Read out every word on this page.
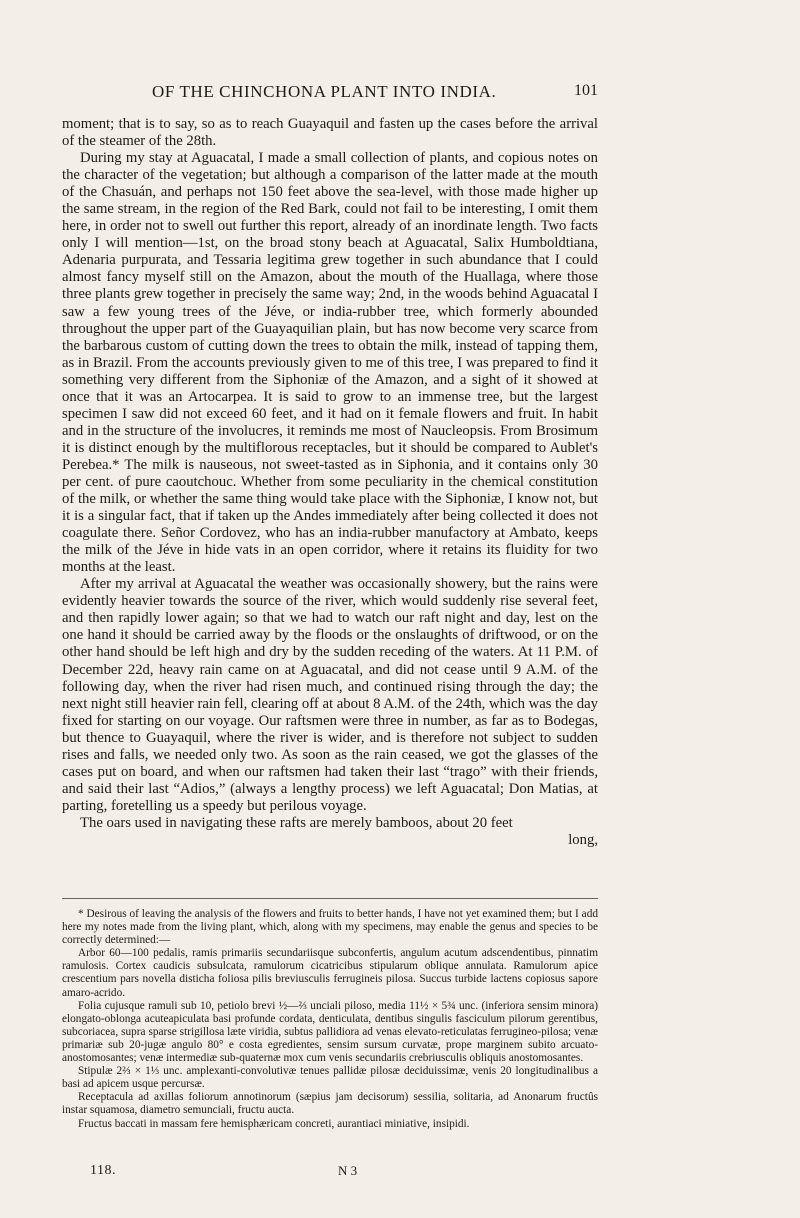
OF THE CHINCHONA PLANT INTO INDIA.	101

moment; that is to say, so as to reach Guayaquil and fasten up the cases before the arrival of the steamer of the 28th.

During my stay at Aguacatal, I made a small collection of plants, and copious notes on the character of the vegetation; but although a comparison of the latter made at the mouth of the Chasuán, and perhaps not 150 feet above the sea-level, with those made higher up the same stream, in the region of the Red Bark, could not fail to be interesting, I omit them here, in order not to swell out further this report, already of an inordinate length. Two facts only I will mention—1st, on the broad stony beach at Aguacatal, Salix Humboldtiana, Adenaria purpurata, and Tessaria legitima grew together in such abundance that I could almost fancy myself still on the Amazon, about the mouth of the Huallaga, where those three plants grew together in precisely the same way; 2nd, in the woods behind Aguacatal I saw a few young trees of the Jéve, or india-rubber tree, which formerly abounded throughout the upper part of the Guayaquilian plain, but has now become very scarce from the barbarous custom of cutting down the trees to obtain the milk, instead of tapping them, as in Brazil. From the accounts previously given to me of this tree, I was prepared to find it something very different from the Siphoniæ of the Amazon, and a sight of it showed at once that it was an Artocarpea. It is said to grow to an immense tree, but the largest specimen I saw did not exceed 60 feet, and it had on it female flowers and fruit. In habit and in the structure of the involucres, it reminds me most of Naucleopsis. From Brosimum it is distinct enough by the multiflorous receptacles, but it should be compared to Aublet's Perebea.* The milk is nauseous, not sweet-tasted as in Siphonia, and it contains only 30 per cent. of pure caoutchouc. Whether from some peculiarity in the chemical constitution of the milk, or whether the same thing would take place with the Siphoniæ, I know not, but it is a singular fact, that if taken up the Andes immediately after being collected it does not coagulate there. Señor Cordovez, who has an india-rubber manufactory at Ambato, keeps the milk of the Jéve in hide vats in an open corridor, where it retains its fluidity for two months at the least.

After my arrival at Aguacatal the weather was occasionally showery, but the rains were evidently heavier towards the source of the river, which would suddenly rise several feet, and then rapidly lower again; so that we had to watch our raft night and day, lest on the one hand it should be carried away by the floods or the onslaughts of driftwood, or on the other hand should be left high and dry by the sudden receding of the waters. At 11 P.M. of December 22d, heavy rain came on at Aguacatal, and did not cease until 9 A.M. of the following day, when the river had risen much, and continued rising through the day; the next night still heavier rain fell, clearing off at about 8 A.M. of the 24th, which was the day fixed for starting on our voyage. Our raftsmen were three in number, as far as to Bodegas, but thence to Guayaquil, where the river is wider, and is therefore not subject to sudden rises and falls, we needed only two. As soon as the rain ceased, we got the glasses of the cases put on board, and when our raftsmen had taken their last “trago” with their friends, and said their last “Adios,” (always a lengthy process) we left Aguacatal; Don Matias, at parting, foretelling us a speedy but perilous voyage.

The oars used in navigating these rafts are merely bamboos, about 20 feet

long,

* Desirous of leaving the analysis of the flowers and fruits to better hands, I have not yet examined them; but I add here my notes made from the living plant, which, along with my specimens, may enable the genus and species to be correctly determined:—

Arbor 60—100 pedalis, ramis primariis secundariisque subconfertis, angulum acutum adscendentibus, pinnatim ramulosis. Cortex caudicis subsulcata, ramulorum cicatricibus stipularum oblique annulata. Ramulorum apice crescentium pars novella disticha foliosa pilis breviusculis ferrugineis pilosa. Succus turbide lactens copiosus sapore amaro-acrido.

Folia cujusque ramuli sub 10, petiolo brevi ½—⅔ unciali piloso, media 11½ × 5¾ unc. (inferiora sensim minora) elongato-oblonga acuteapiculata basi profunde cordata, denticulata, dentibus singulis fasciculum pilorum gerentibus, subcoriacea, supra sparse strigillosa læte viridia, subtus pallidiora ad venas elevato-reticulatas ferrugineo-pilosa; venæ primariæ sub 20-jugæ angulo 80° e costa egredientes, sensim sursum curvatæ, prope marginem subito arcuato-anostomosantes; venæ intermediæ sub-quaternæ mox cum venis secundariis crebriusculis obliquis anostomosantes.

Stipulæ 2⅔ × 1⅓ unc. amplexanti-convolutivæ tenues pallidæ pilosæ deciduissimæ, venis 20 longitudinalibus a basi ad apicem usque percursæ.

Receptacula ad axillas foliorum annotinorum (sæpius jam decisorum) sessilia, solitaria, ad Anonarum fructûs instar squamosa, diametro semunciali, fructu aucta.

Fructus baccati in massam fere hemisphæricam concreti, aurantiaci miniative, insipidi.

118.	N 3
